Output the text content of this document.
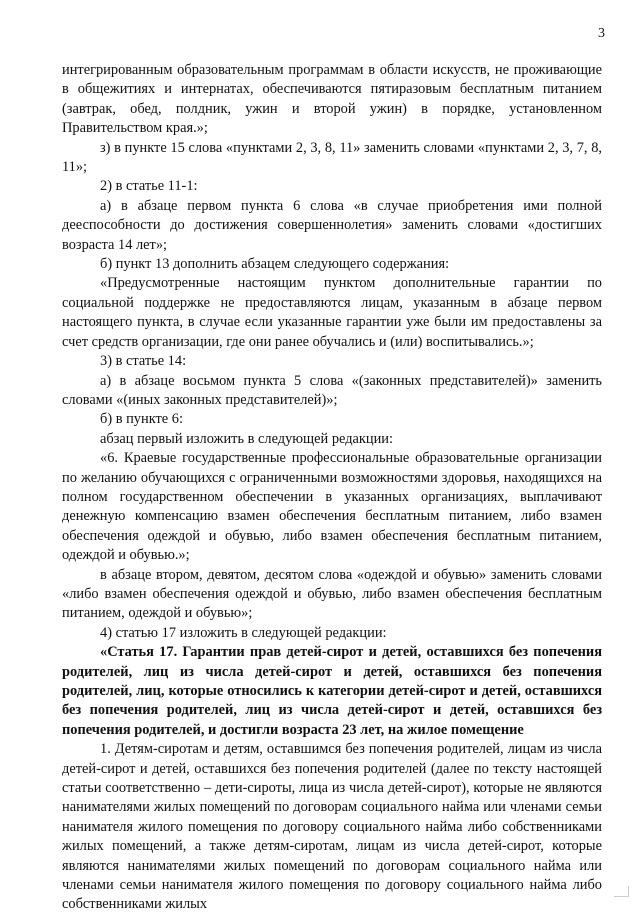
3

интегрированным образовательным программам в области искусств, не проживающие в общежитиях и интернатах, обеспечиваются пятиразовым бесплатным питанием (завтрак, обед, полдник, ужин и второй ужин) в порядке, установленном Правительством края.»;

з) в пункте 15 слова «пунктами 2, 3, 8, 11» заменить словами «пунктами 2, 3, 7, 8, 11»;

2) в статье 11-1:

а) в абзаце первом пункта 6 слова «в случае приобретения ими полной дееспособности до достижения совершеннолетия» заменить словами «достигших возраста 14 лет»;

б) пункт 13 дополнить абзацем следующего содержания:

«Предусмотренные настоящим пунктом дополнительные гарантии по социальной поддержке не предоставляются лицам, указанным в абзаце первом настоящего пункта, в случае если указанные гарантии уже были им предоставлены за счет средств организации, где они ранее обучались и (или) воспитывались.»;

3) в статье 14:

а) в абзаце восьмом пункта 5 слова «(законных представителей)» заменить словами «(иных законных представителей)»;

б) в пункте 6:

абзац первый изложить в следующей редакции:

«6. Краевые государственные профессиональные образовательные организации по желанию обучающихся с ограниченными возможностями здоровья, находящихся на полном государственном обеспечении в указанных организациях, выплачивают денежную компенсацию взамен обеспечения бесплатным питанием, либо взамен обеспечения одеждой и обувью, либо взамен обеспечения бесплатным питанием, одеждой и обувью.»;

в абзаце втором, девятом, десятом слова «одеждой и обувью» заменить словами «либо взамен обеспечения одеждой и обувью, либо взамен обеспечения бесплатным питанием, одеждой и обувью»;

4) статью 17 изложить в следующей редакции:

«Статья 17. Гарантии прав детей-сирот и детей, оставшихся без попечения родителей, лиц из числа детей-сирот и детей, оставшихся без попечения родителей, лиц, которые относились к категории детей-сирот и детей, оставшихся без попечения родителей, лиц из числа детей-сирот и детей, оставшихся без попечения родителей, и достигли возраста 23 лет, на жилое помещение

1. Детям-сиротам и детям, оставшимся без попечения родителей, лицам из числа детей-сирот и детей, оставшихся без попечения родителей (далее по тексту настоящей статьи соответственно – дети-сироты, лица из числа детей-сирот), которые не являются нанимателями жилых помещений по договорам социального найма или членами семьи нанимателя жилого помещения по договору социального найма либо собственниками жилых помещений, а также детям-сиротам, лицам из числа детей-сирот, которые являются нанимателями жилых помещений по договорам социального найма или членами семьи нанимателя жилого помещения по договору социального найма либо собственниками жилых
